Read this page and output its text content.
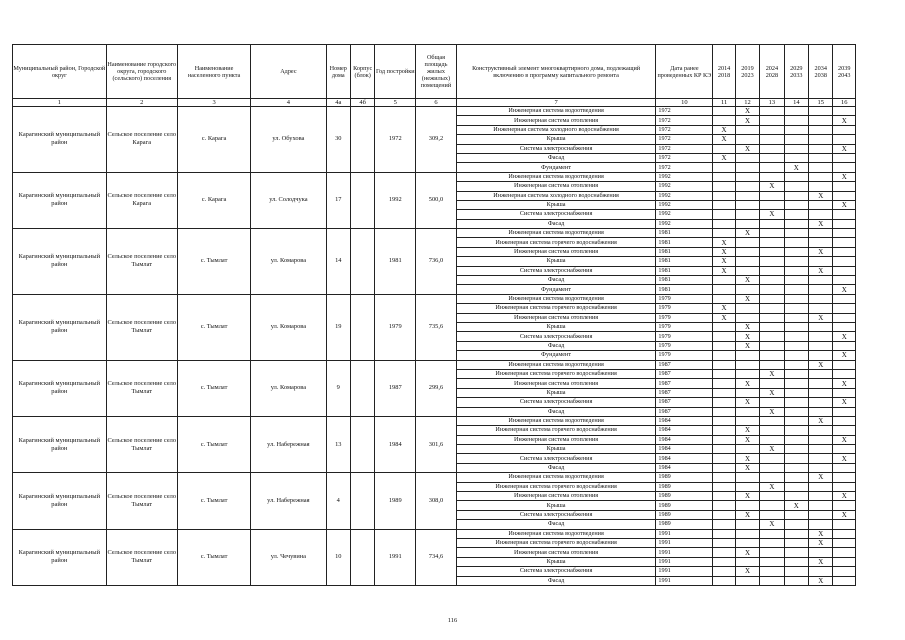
Муниципальный район, Городской округ	Наименование городского округа, городского (сельского) поселения	Наименование населенного пункта	Адрес	Номер дома	Корпус (блок)	Год постройки	Общая площадь жилых (нежилых) помещений	Конструктивный элемент многоквартирного дома, подлежащий включению в программу капитального ремонта	Дата ранее проведенных КР КЭ	2014 2018	2019 2023	2024 2028	2029 2033	2034 2038	2039 2043
1	2	3	4	4а	4б	5	6	7	10	11	12	13	14	15	16
Карагинский муниципальный район	Сельское поселение село Карага	с. Карага	ул. Обухова	30		1972	309,2	Инженерная система водоотведения	1972		Х				
								Инженерная система отопления	1972		Х				Х
								Инженерная система холодного водоснабжения	1972	Х					
								Крыша	1972	Х					
								Система электроснабжения	1972		Х				Х
								Фасад	1972	Х					
								Фундамент	1972				Х		
Карагинский муниципальный район	Сельское поселение село Карага	с. Карага	ул. Солодчука	17		1992	500,0	Инженерная система водоотведения	1992						Х
								Инженерная система отопления	1992			Х			
								Инженерная система холодного водоснабжения	1992					Х	
								Крыша	1992						Х
								Система электроснабжения	1992			Х			
								Фасад	1992					Х	
Карагинский муниципальный район	Сельское поселение село Тымлат	с. Тымлат	ул. Комарова	14		1981	736,0	Инженерная система водоотведения	1981		Х				
								Инженерная система горячего водоснабжения	1981	Х					
								Инженерная система отопления	1981	Х				Х	
								Крыша	1981	Х					
								Система электроснабжения	1981	Х				Х	
								Фасад	1981		Х				
								Фундамент	1981						Х
Карагинский муниципальный район	Сельское поселение село Тымлат	с. Тымлат	ул. Комарова	19		1979	735,6	Инженерная система водоотведения	1979		Х				
								Инженерная система горячего водоснабжения	1979	Х					
								Инженерная система отопления	1979	Х				Х	
								Крыша	1979		Х				
								Система электроснабжения	1979		Х				Х
								Фасад	1979		Х				
								Фундамент	1979						Х
Карагинский муниципальный район	Сельское поселение село Тымлат	с. Тымлат	ул. Комарова	9		1987	299,6	Инженерная система водоотведения	1987					Х	
								Инженерная система горячего водоснабжения	1987			Х			
								Инженерная система отопления	1987		Х				Х
								Крыша	1987			Х			
								Система электроснабжения	1987		Х				Х
								Фасад	1987			Х			
Карагинский муниципальный район	Сельское поселение село Тымлат	с. Тымлат	ул. Набережная	13		1984	301,6	Инженерная система водоотведения	1984					Х	
								Инженерная система горячего водоснабжения	1984		Х				
								Инженерная система отопления	1984		Х				Х
								Крыша	1984			Х			
								Система электроснабжения	1984		Х				Х
								Фасад	1984		Х				
Карагинский муниципальный район	Сельское поселение село Тымлат	с. Тымлат	ул. Набережная	4		1989	308,0	Инженерная система водоотведения	1989					Х	
								Инженерная система горячего водоснабжения	1989			Х			
								Инженерная система отопления	1989		Х				Х
								Крыша	1989				Х		
								Система электроснабжения	1989		Х				Х
								Фасад	1989			Х			
Карагинский муниципальный район	Сельское поселение село Тымлат	с. Тымлат	ул. Чечувина	10		1991	734,6	Инженерная система водоотведения	1991					Х	
								Инженерная система горячего водоснабжения	1991					Х	
								Инженерная система отопления	1991		Х				
								Крыша	1991					Х	
								Система электроснабжения	1991		Х				
								Фасад	1991					Х	
116
